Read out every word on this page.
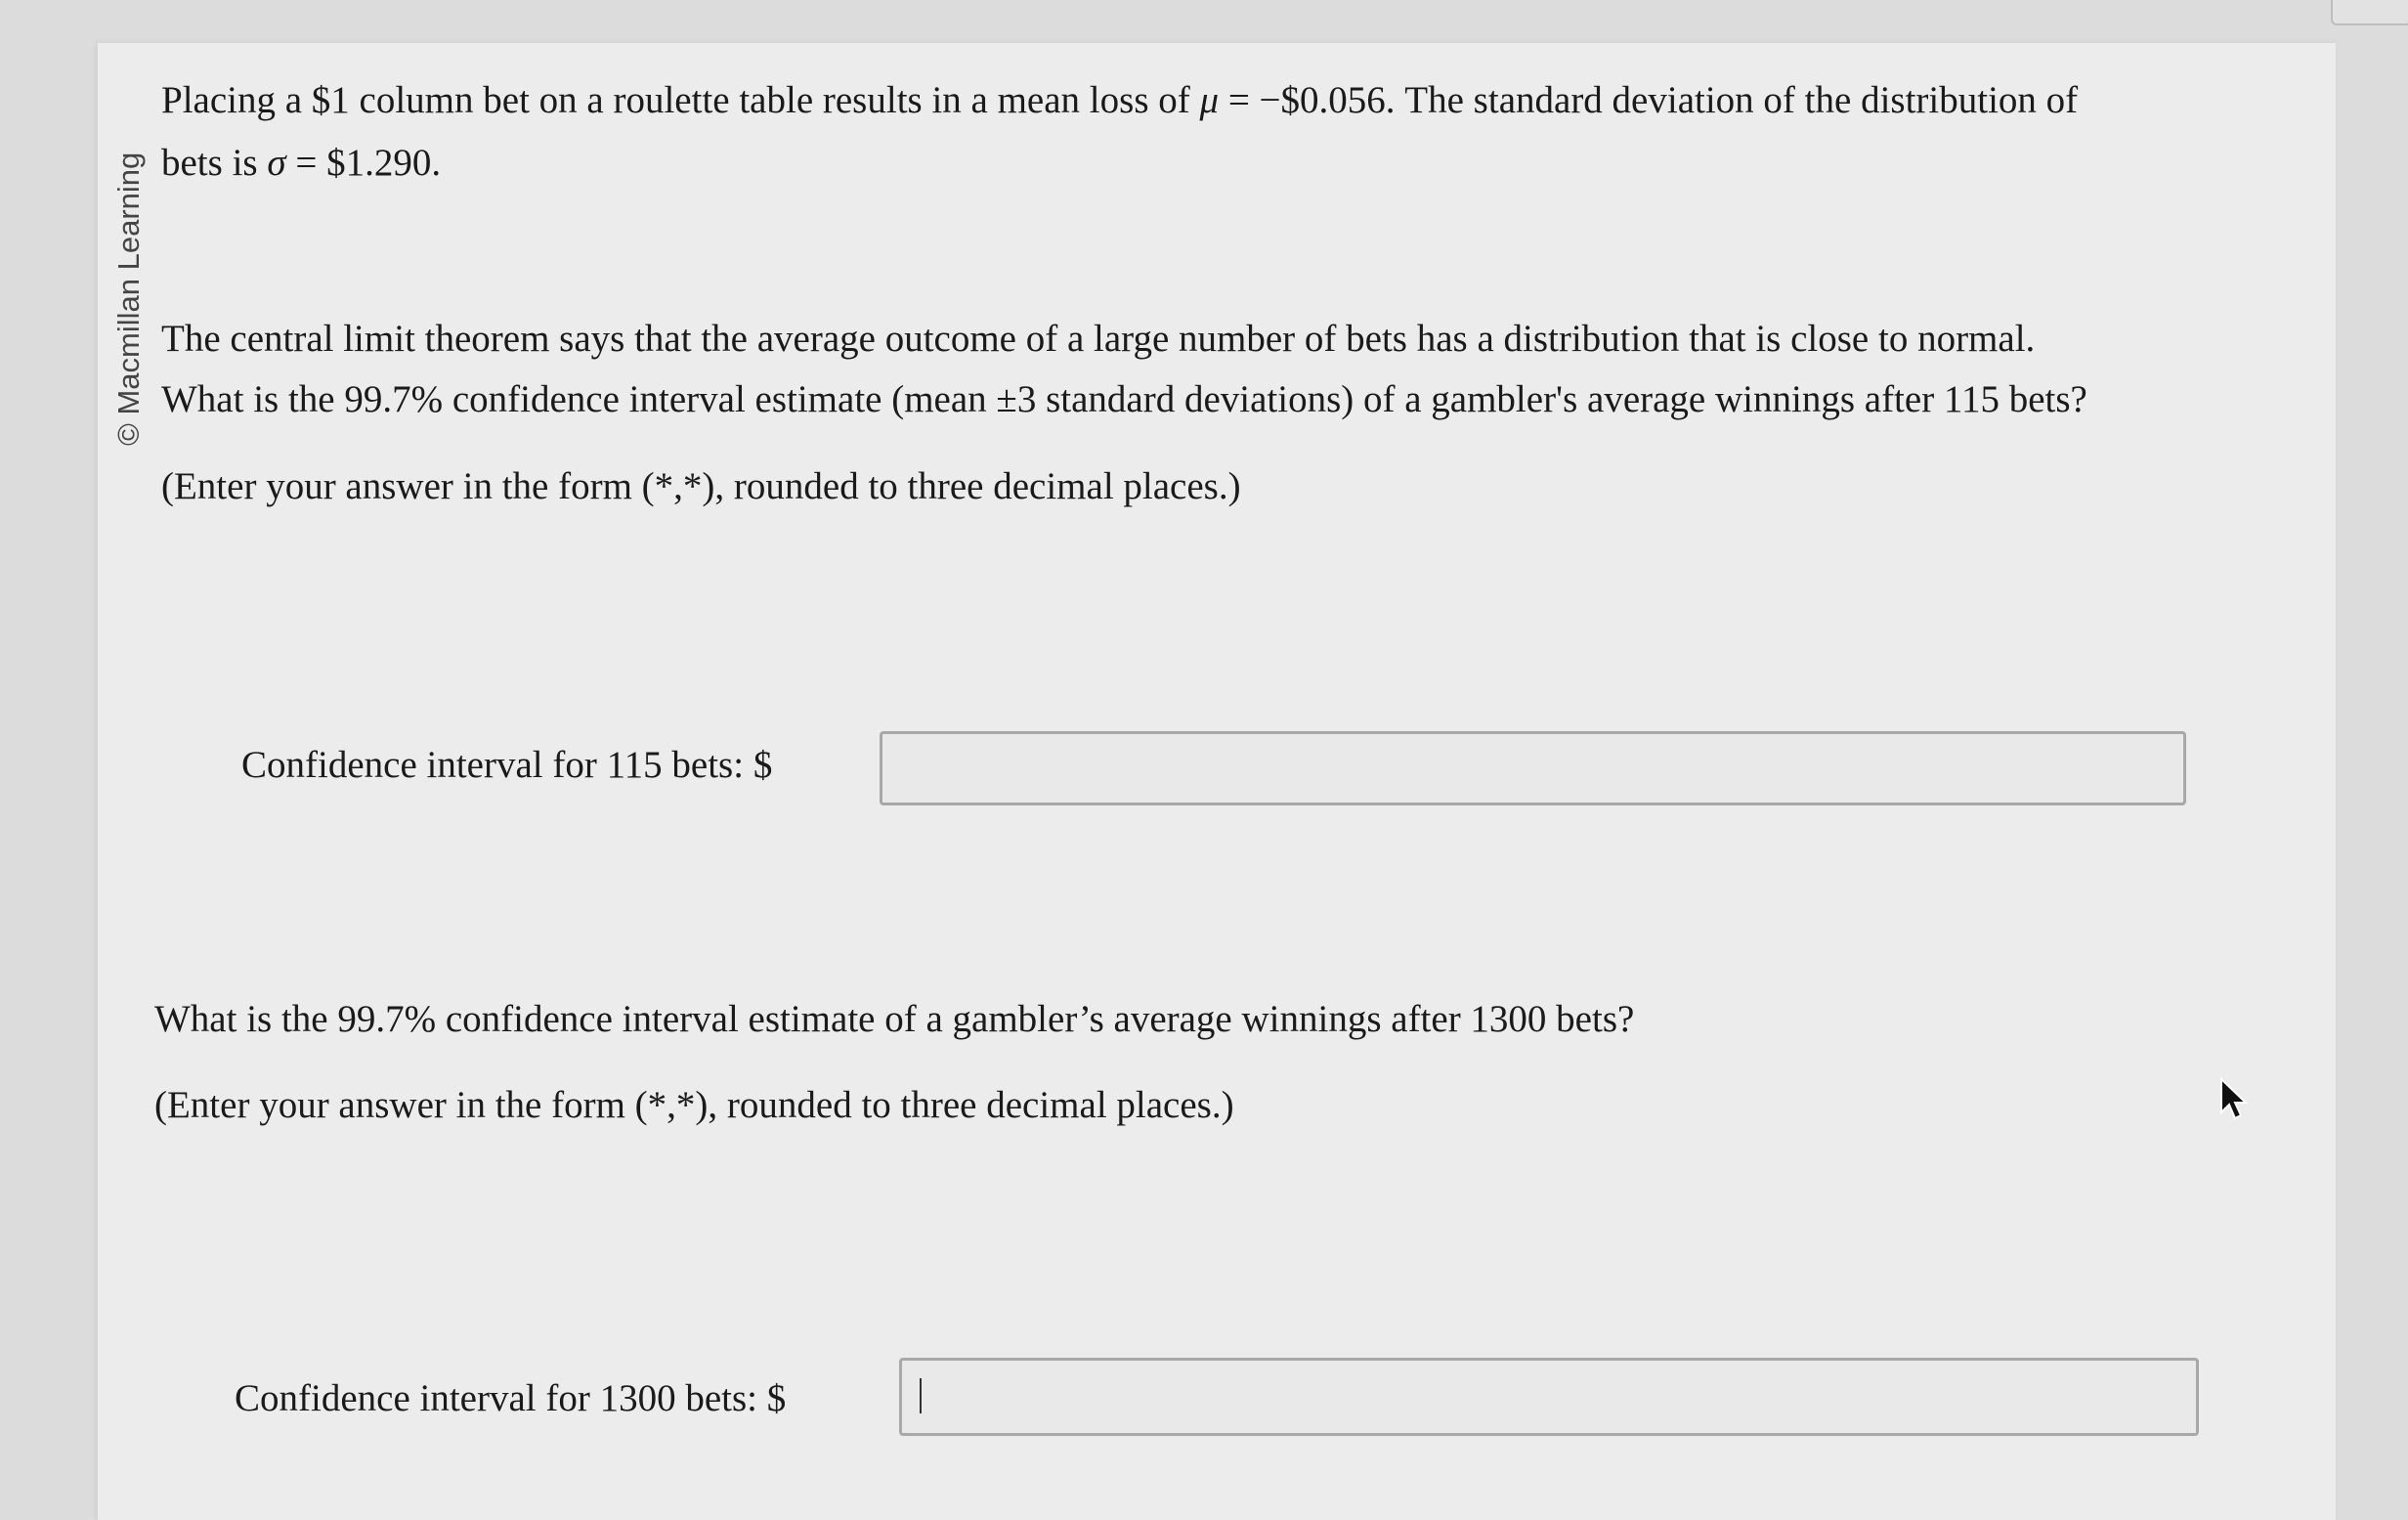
© Macmillan Learning
Placing a $1 column bet on a roulette table results in a mean loss of μ = −$0.056. The standard deviation of the distribution of
bets is σ = $1.290.
The central limit theorem says that the average outcome of a large number of bets has a distribution that is close to normal.
What is the 99.7% confidence interval estimate (mean ±3 standard deviations) of a gambler's average winnings after 115 bets?
(Enter your answer in the form (*,*), rounded to three decimal places.)
Confidence interval for 115 bets: $
What is the 99.7% confidence interval estimate of a gambler’s average winnings after 1300 bets?
(Enter your answer in the form (*,*), rounded to three decimal places.)
Confidence interval for 1300 bets: $
